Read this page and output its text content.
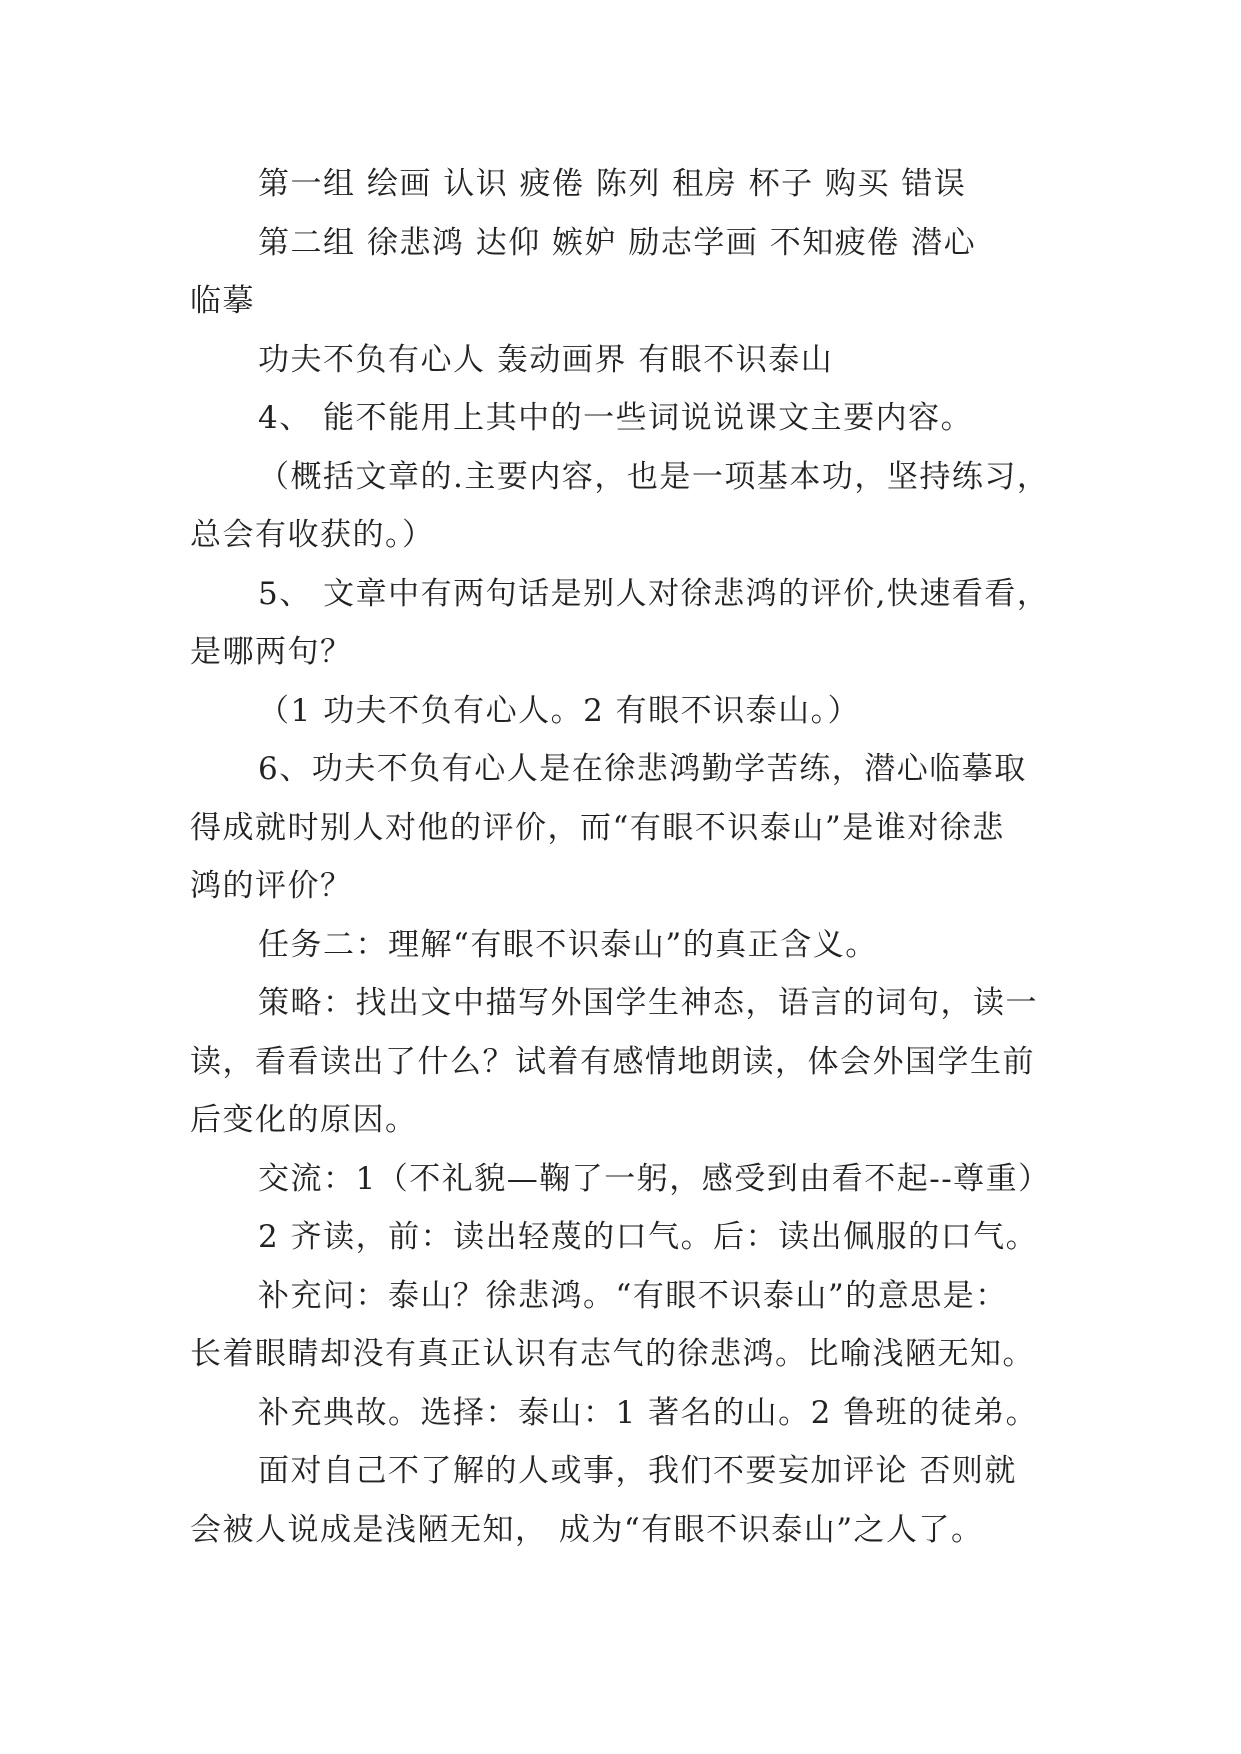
第一组 绘画 认识 疲倦 陈列 租房 杯子 购买 错误
第二组 徐悲鸿 达仰 嫉妒 励志学画 不知疲倦 潜心
临摹
功夫不负有心人 轰动画界 有眼不识泰山
4、 能不能用上其中的一些词说说课文主要内容。
（概括文章的.主要内容，也是一项基本功，坚持练习，
总会有收获的。）
5、 文章中有两句话是别人对徐悲鸿的评价,快速看看，
是哪两句？
（1 功夫不负有心人。2 有眼不识泰山。）
6、功夫不负有心人是在徐悲鸿勤学苦练，潜心临摹取
得成就时别人对他的评价，而“有眼不识泰山”是谁对徐悲
鸿的评价？
任务二：理解“有眼不识泰山”的真正含义。
策略：找出文中描写外国学生神态，语言的词句，读一
读，看看读出了什么？试着有感情地朗读，体会外国学生前
后变化的原因。
交流：1（不礼貌—鞠了一躬，感受到由看不起--尊重）
2 齐读，前：读出轻蔑的口气。后：读出佩服的口气。
补充问：泰山？徐悲鸿。“有眼不识泰山”的意思是：
长着眼睛却没有真正认识有志气的徐悲鸿。比喻浅陋无知。
补充典故。选择：泰山：1 著名的山。2 鲁班的徒弟。
面对自己不了解的人或事，我们不要妄加评论 否则就
会被人说成是浅陋无知， 成为“有眼不识泰山”之人了。
